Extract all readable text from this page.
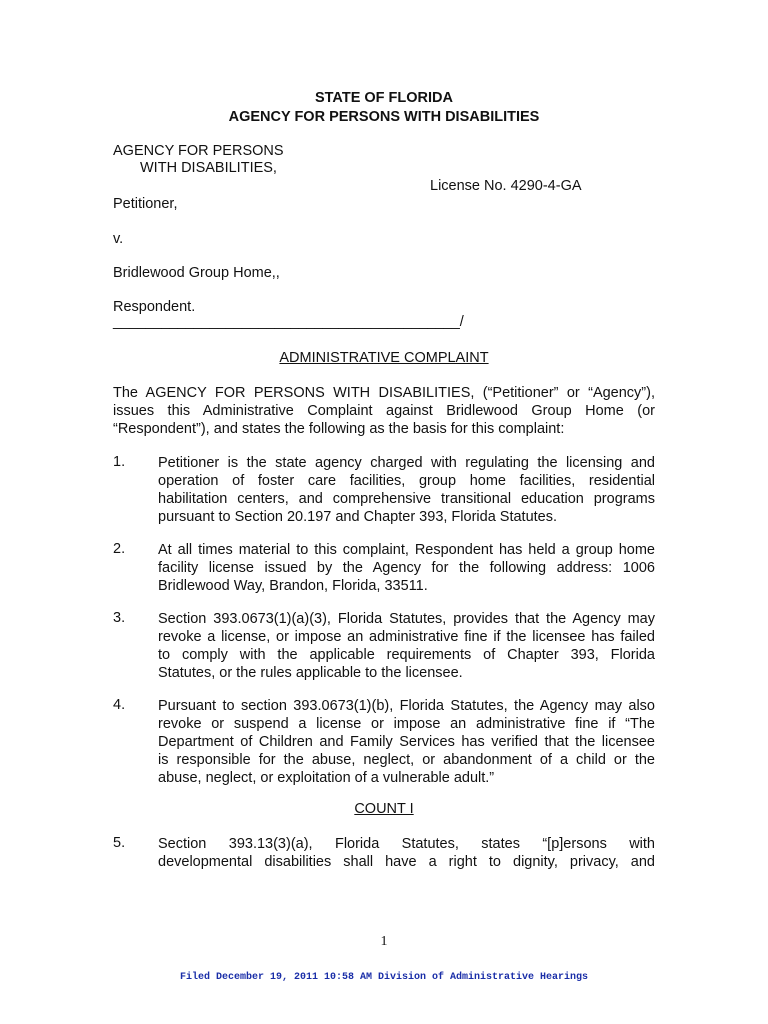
STATE OF FLORIDA

AGENCY FOR PERSONS WITH DISABILITIES

AGENCY FOR PERSONS

WITH DISABILITIES,

License No. 4290-4-GA

Petitioner,

v.

Bridlewood Group Home,,

Respondent.

___________________________________________/

ADMINISTRATIVE COMPLAINT

The AGENCY FOR PERSONS WITH DISABILITIES, (“Petitioner” or “Agency”),
issues this Administrative Complaint against Bridlewood Group Home (or
“Respondent”), and states the following as the basis for this complaint:
1. Petitioner is the state agency charged with regulating the licensing and
operation of foster care facilities, group home facilities, residential
habilitation centers, and comprehensive transitional education programs
pursuant to Section 20.197 and Chapter 393, Florida Statutes.
2. At all times material to this complaint, Respondent has held a group home
facility license issued by the Agency for the following address: 1006
Bridlewood Way, Brandon, Florida, 33511.
3. Section 393.0673(1)(a)(3), Florida Statutes, provides that the Agency may
revoke a license, or impose an administrative fine if the licensee has failed
to comply with the applicable requirements of Chapter 393, Florida
Statutes, or the rules applicable to the licensee.
4. Pursuant to section 393.0673(1)(b), Florida Statutes, the Agency may also
revoke or suspend a license or impose an administrative fine if “The
Department of Children and Family Services has verified that the licensee
is responsible for the abuse, neglect, or abandonment of a child or the
abuse, neglect, or exploitation of a vulnerable adult.”

COUNT I

5. Section 393.13(3)(a), Florida Statutes, states “[p]ersons with
developmental disabilities shall have a right to dignity, privacy, and

1

Filed December 19, 2011 10:58 AM Division of Administrative Hearings
